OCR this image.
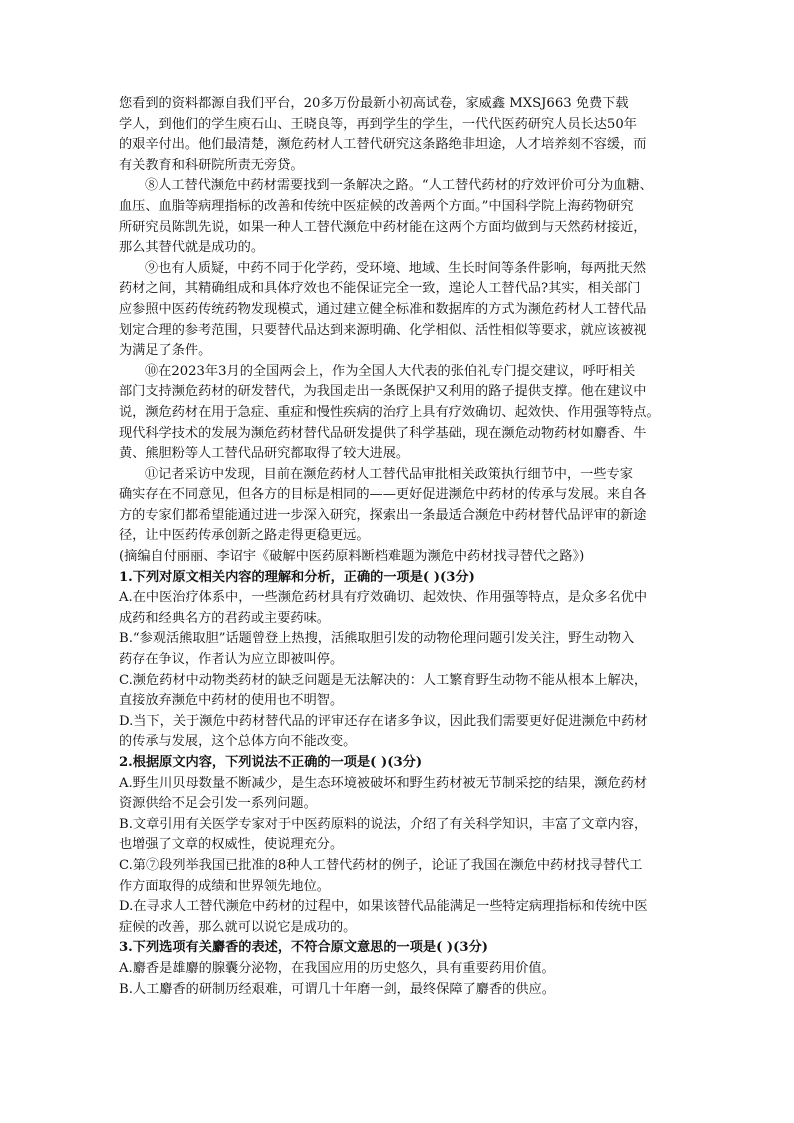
您看到的资料都源自我们平台，20多万份最新小初高试卷，家威鑫 MXSJ663 免费下载
学人，到他们的学生庾石山、王晓良等，再到学生的学生，一代代医药研究人员长达50年
的艰辛付出。他们最清楚，濒危药材人工替代研究这条路绝非坦途，人才培养刻不容缓，而
有关教育和科研院所责无旁贷。
⑧人工替代濒危中药材需要找到一条解决之路。“人工替代药材的疗效评价可分为血糖、
血压、血脂等病理指标的改善和传统中医症候的改善两个方面。”中国科学院上海药物研究
所研究员陈凯先说，如果一种人工替代濒危中药材能在这两个方面均做到与天然药材接近，
那么其替代就是成功的。
⑨也有人质疑，中药不同于化学药，受环境、地域、生长时间等条件影响，每两批天然
药材之间，其精确组成和具体疗效也不能保证完全一致，遑论人工替代品?其实，相关部门
应参照中医药传统药物发现模式，通过建立健全标准和数据库的方式为濒危药材人工替代品
划定合理的参考范围，只要替代品达到来源明确、化学相似、活性相似等要求，就应该被视
为满足了条件。
⑩在2023年3月的全国两会上，作为全国人大代表的张伯礼专门提交建议，呼吁相关
部门支持濒危药材的研发替代，为我国走出一条既保护又利用的路子提供支撑。他在建议中
说，濒危药材在用于急症、重症和慢性疾病的治疗上具有疗效确切、起效快、作用强等特点。
现代科学技术的发展为濒危药材替代品研发提供了科学基础，现在濒危动物药材如麝香、牛
黄、熊胆粉等人工替代品研究都取得了较大进展。
⑪记者采访中发现，目前在濒危药材人工替代品审批相关政策执行细节中，一些专家
确实存在不同意见，但各方的目标是相同的——更好促进濒危中药材的传承与发展。来自各
方的专家们都希望能通过进一步深入研究，探索出一条最适合濒危中药材替代品评审的新途
径，让中医药传承创新之路走得更稳更远。
(摘编自付丽丽、李诏宇《破解中医药原料断档难题为濒危中药材找寻替代之路》)
1.下列对原文相关内容的理解和分析，正确的一项是( )(3分)
A.在中医治疗体系中，一些濒危药材具有疗效确切、起效快、作用强等特点，是众多名优中
成药和经典名方的君药或主要药味。
B.“参观活熊取胆”话题曾登上热搜，活熊取胆引发的动物伦理问题引发关注，野生动物入
药存在争议，作者认为应立即被叫停。
C.濒危药材中动物类药材的缺乏问题是无法解决的：人工繁育野生动物不能从根本上解决，
直接放弃濒危中药材的使用也不明智。
D.当下，关于濒危中药材替代品的评审还存在诸多争议，因此我们需要更好促进濒危中药材
的传承与发展，这个总体方向不能改变。
2.根据原文内容，下列说法不正确的一项是( )(3分)
A.野生川贝母数量不断减少，是生态环境被破坏和野生药材被无节制采挖的结果，濒危药材
资源供给不足会引发一系列问题。
B.文章引用有关医学专家对于中医药原料的说法，介绍了有关科学知识，丰富了文章内容，
也增强了文章的权威性，使说理充分。
C.第⑦段列举我国已批准的8种人工替代药材的例子，论证了我国在濒危中药材找寻替代工
作方面取得的成绩和世界领先地位。
D.在寻求人工替代濒危中药材的过程中，如果该替代品能满足一些特定病理指标和传统中医
症候的改善，那么就可以说它是成功的。
3.下列选项有关麝香的表述，不符合原文意思的一项是( )(3分)
A.麝香是雄麝的腺囊分泌物，在我国应用的历史悠久，具有重要药用价值。
B.人工麝香的研制历经艰难，可谓几十年磨一剑，最终保障了麝香的供应。
